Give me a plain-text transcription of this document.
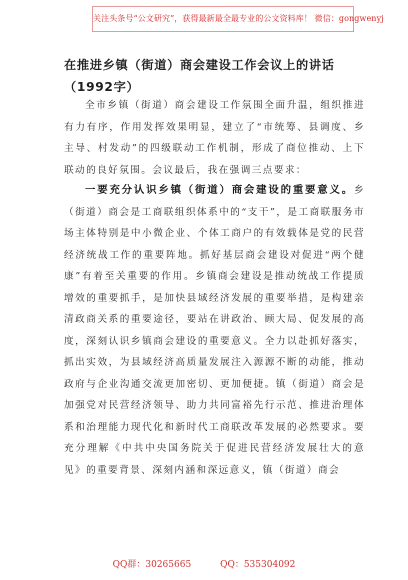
关注头条号“公文研究”，获得最新最全最专业的公文资料库！ 微信：gongwenyj
在推进乡镇（街道）商会建设工作会议上的讲话（1992字）
全市乡镇（街道）商会建设工作氛围全面升温，组织推进有力有序，作用发挥效果明显，建立了“市统筹、县调度、乡主导、村发动”的四级联动工作机制，形成了商位推动、上下联动的良好氛围。会议最后，我在强调三点要求：
一要充分认识乡镇（街道）商会建设的重要意义。乡（街道）商会是工商联组织体系中的“支干”，是工商联服务市场主体特别是中小微企业、个体工商户的有效载体是党的民营经济统战工作的重要阵地。抓好基层商会建设对促进“两个健康”有着至关重要的作用。乡镇商会建设是推动统战工作提质增效的重要抓手，是加快县域经济发展的重要举措，是构建亲清政商关系的重要途径，要站在讲政治、顾大局、促发展的高度，深刻认识乡镇商会建设的重要意义。全力以赴抓好落实，抓出实效，为县域经济高质量发展注入源源不断的动能，推动政府与企业沟通交流更加密切、更加便捷。镇（街道）商会是加强党对民营经济领导、助力共同富裕先行示范、推进治理体系和治理能力现代化和新时代工商联改革发展的必然要求。要充分理解《中共中央国务院关于促进民营经济发展壮大的意见》的重要背景、深刻内涵和深远意义，镇（街道）商会
QQ群：30265665	QQ：535304092
